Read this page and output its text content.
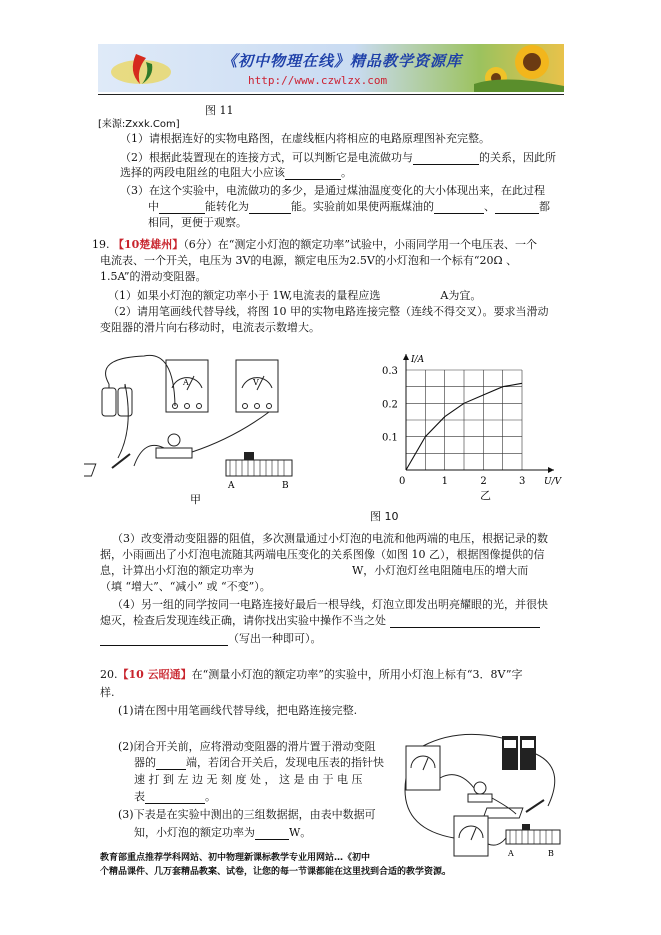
《初中物理在线》精品教学资源库
http://www.czwlzx.com
图 11
[来源:Zxxk.Com]
（1）请根据连好的实物电路图，在虚线框内将相应的电路原理图补充完整。
（2）根据此装置现在的连接方式，可以判断它是电流做功与	的关系，因此所
选择的两段电阻丝的电阻大小应该	。
（3）在这个实验中，电流做功的多少，是通过煤油温度变化的大小体现出来，在此过程
中	能转化为	能。实验前如果使两瓶煤油的	、	都
相同，更便于观察。
19. 【10楚雄州】（6分）在“测定小灯泡的额定功率”试验中，小雨同学用一个电压表、一个
电流表、一个开关，电压为 3V的电源，额定电压为2.5V的小灯泡和一个标有“20Ω 、
1.5A”的滑动变阻器。
（1）如果小灯泡的额定功率小于 1W,电流表的量程应选	A为宜。
（2）请用笔画线代替导线，将图 10 甲的实物电路连接完整（连线不得交叉）。要求当滑动
变阻器的滑片向右移动时，电流表示数增大。
A	V
A	B
甲
0	1	2	3
0.1
0.2
0.3
U/V
I/A
乙
图 10
（3）改变滑动变阻器的阻值，多次测量通过小灯泡的电流和他两端的电压，根据记录的数
据，小雨画出了小灯泡电流随其两端电压变化的关系图像（如图 10 乙），根据图像提供的信
息，计算出小灯泡的额定功率为	W，小灯泡灯丝电阻随电压的增大而
（填 “增大”、“减小” 或 “不变”）。
（4）另一组的同学按同一电路连接好最后一根导线，灯泡立即发出明亮耀眼的光，并很快
熄灭，检查后发现连线正确，请你找出实验中操作不当之处
（写出一种即可）。
20.【10 云昭通】在“测量小灯泡的额定功率”的实验中，所用小灯泡上标有“3．8V”字
样.
(1)请在图中用笔画线代替导线，把电路连接完整.
(2)闭合开关前，应将滑动变阻器的滑片置于滑动变阻
器的	端，若闭合开关后，发现电压表的指针快
速 打 到 左 边 无 刻 度 处 ， 这 是 由 于 电 压
表	。
(3)下表是在实验中测出的三组数据据，由表中数据可
知，小灯泡的额定功率为	W。
A	B
教育部重点推荐学科网站、初中物理新课标教学专业用网站…《初中
个精品课件、几万套精品教案、试卷，让您的每一节课都能在这里找到合适的教学资源。
